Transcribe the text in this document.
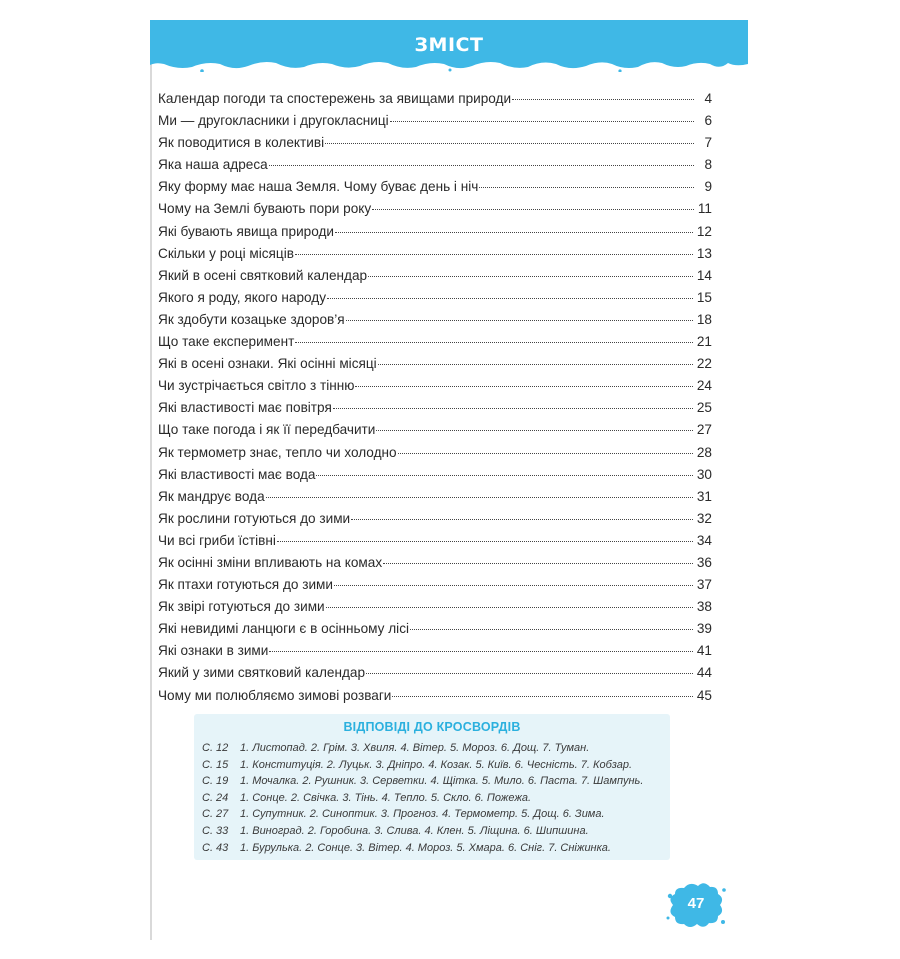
ЗМІСТ
Календар погоди та спостережень за явищами природи	4
Ми — другокласники і другокласниці	6
Як поводитися в колективі	7
Яка наша адреса	8
Яку форму має наша Земля. Чому буває день і ніч	9
Чому на Землі бувають пори року	11
Які бувають явища природи	12
Скільки у році місяців	13
Який в осені святковий календар	14
Якого я роду, якого народу	15
Як здобути козацьке здоров’я	18
Що таке експеримент	21
Які в осені ознаки. Які осінні місяці	22
Чи зустрічається світло з тінню	24
Які властивості має повітря	25
Що таке погода і як її передбачити	27
Як термометр знає, тепло чи холодно	28
Які властивості має вода	30
Як мандрує вода	31
Як рослини готуються до зими	32
Чи всі гриби їстівні	34
Як осінні зміни впливають на комах	36
Як птахи готуються до зими	37
Як звірі готуються до зими	38
Які невидимі ланцюги є в осінньому лісі	39
Які ознаки в зими	41
Який у зими святковий календар	44
Чому ми полюбляємо зимові розваги	45
ВІДПОВІДІ ДО КРОСВОРДІВ
С. 12	1. Листопад. 2. Грім. 3. Хвиля. 4. Вітер. 5. Мороз. 6. Дощ. 7. Туман.
С. 15	1. Конституція. 2. Луцьк. 3. Дніпро. 4. Козак. 5. Київ. 6. Чесність. 7. Кобзар.
С. 19	1. Мочалка. 2. Рушник. 3. Серветки. 4. Щітка. 5. Мило. 6. Паста. 7. Шампунь.
С. 24	1. Сонце. 2. Свічка. 3. Тінь. 4. Тепло. 5. Скло. 6. Пожежа.
С. 27	1. Супутник. 2. Синоптик. 3. Прогноз. 4. Термометр. 5. Дощ. 6. Зима.
С. 33	1. Виноград. 2. Горобина. 3. Слива. 4. Клен. 5. Ліщина. 6. Шипшина.
С. 43	1. Бурулька. 2. Сонце. 3. Вітер. 4. Мороз. 5. Хмара. 6. Сніг. 7. Сніжинка.
47
